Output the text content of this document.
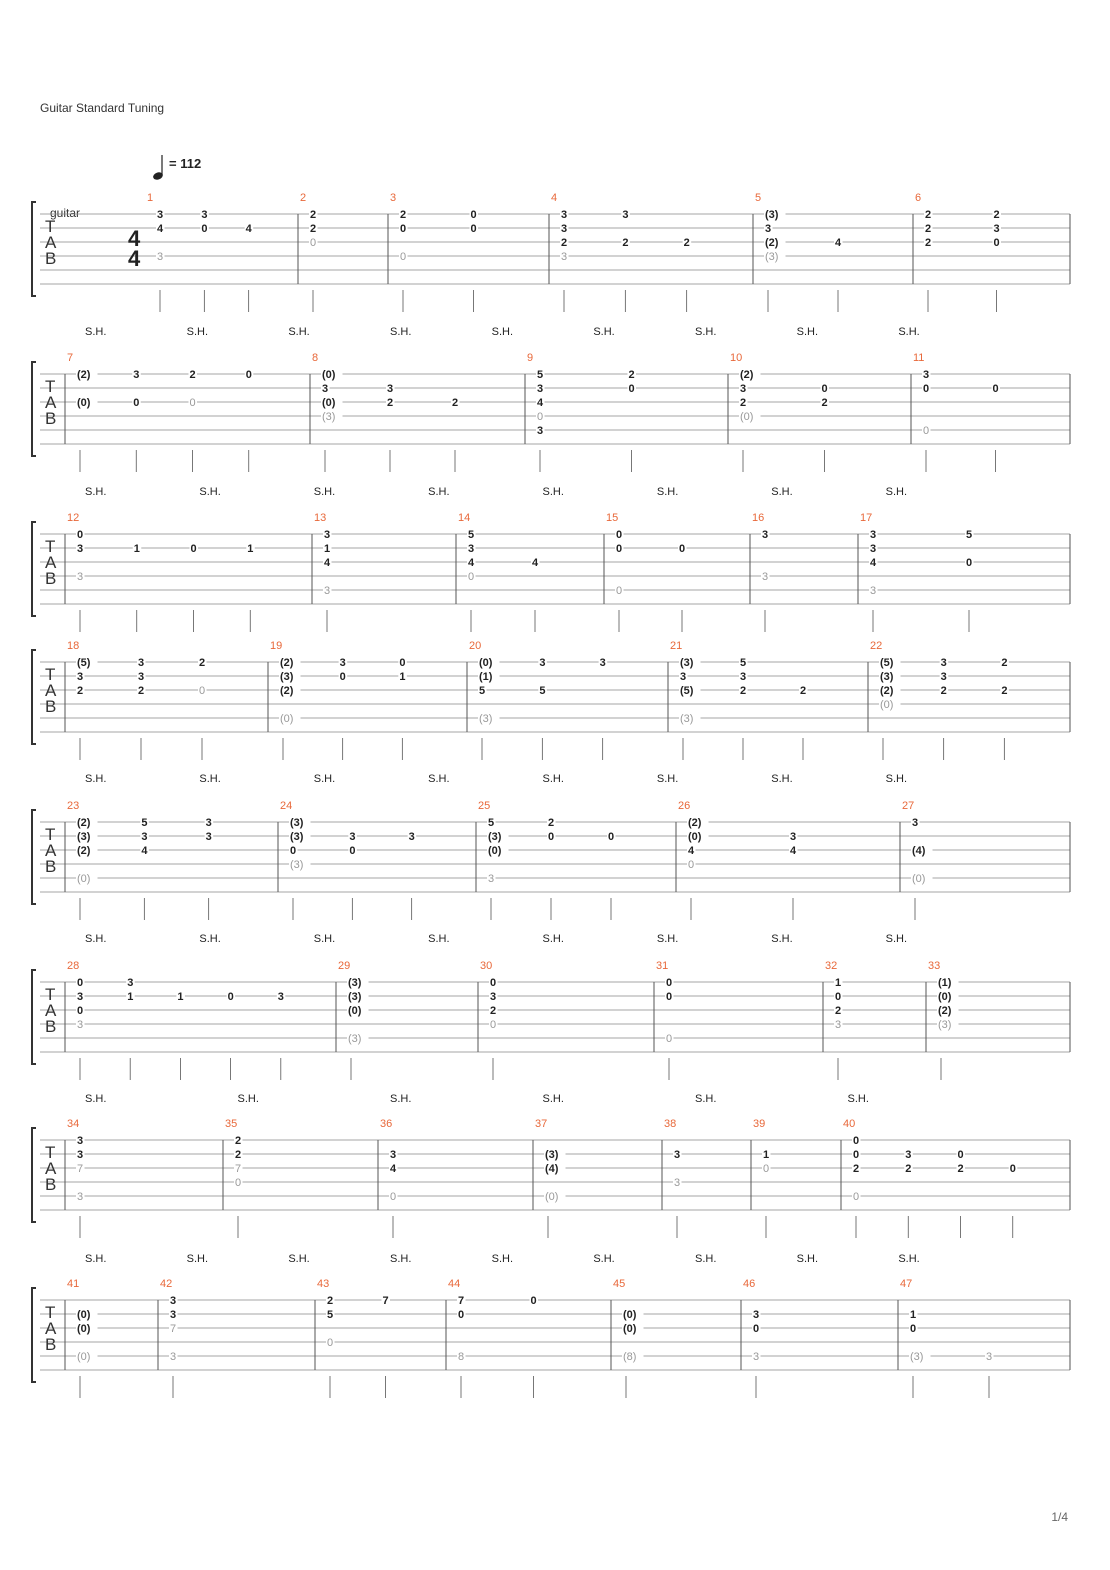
Guitar Standard Tuning
= 112
guitar
T
A
B
4
4
1
3
4
3
0
3
4
2
2
2
0
3
2
0
0
0
0
4
3
2
3
3
2
3
2
5
(3)
(2)
3
(3)
4
6
2
2
2
3
2
0
T
A
B
7
(2)
(0)
3
0
2
0
0
8
(0)
(0)
(3)
3
2
3
2
9
3
4
3
5
0
0
2
10
(2)
(0)
3
2
0
2
11
0
3
0
0
S.H.	S.H.	S.H.	S.H.	S.H.	S.H.	S.H.	S.H.	S.H.
T
A
B
12
0
3
3
1	0	1
13
1
3
4
3
14
5
4
3
0
4
15
0
0
0
0
16
3
3
17
3
3
4
3
5
0
S.H.	S.H.	S.H.	S.H.	S.H.	S.H.	S.H.	S.H.
T
A
B
18
(5)
3
2
3
3
2
2
0
19
(2)
(3)
(2)
(0)
3
0
0
1
20
(0)
(1)
5
(3)
3
5
3
21
(3)
(5)
3
(3)
2
5
3
2
22
(5)
(3)
(2)
(0)
3
2
3
2
2
S.H.	S.H.	S.H.	S.H.	S.H.	S.H.	S.H.	S.H.
T
A
B
23
(2)
(3)
(2)
(0)
5
3
4
3
3
24
(3)
(3)
0
(3)
3
0
3
25
(3)
(0)
5
3
0
2
0
26
(2)
(0)
4
0
3
4
27
(4)
3
(0)
S.H.	S.H.	S.H.	S.H.	S.H.	S.H.	S.H.	S.H.
T
A
B
28
0
3
0
3
1
3
1	0	3
29
(3)
(3)
(0)
(3)
30
2
0
3
0
31
0
0
0
32
1
0
2
3
33
(1)
(0)
(2)
(3)
S.H.	S.H.	S.H.	S.H.	S.H.	S.H.
T
A
B
34
3
3
7
3
35
2
2
7
0
36
3
4
0
37
(3)
(4)
(0)
38
3
3
39
1
0
40
0
2
0
0
3
2
0
2	0
S.H.	S.H.	S.H.	S.H.	S.H.	S.H.	S.H.	S.H.	S.H.
T
A
B
41
(0)
(0)
(0)
42
3
3
7
3
43
2
5
0
7
44
7
0
8
0
45
(0)
(0)
(8)
46
3
0
3
47
1
0
(3)	3
1/4
